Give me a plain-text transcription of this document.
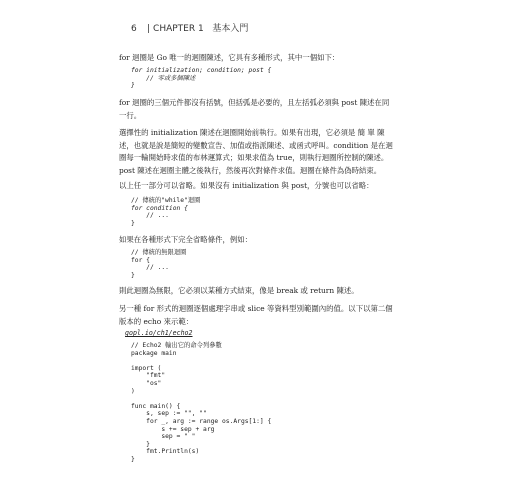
6 | CHAPTER 1 基本入門
for 迴圈是 Go 唯一的迴圈陳述，它具有多種形式，其中一個如下：
for initialization; condition; post {
// 零或多個陳述
}
for 迴圈的三個元件都沒有括號，但括弧是必要的，且左括弧必須與 post 陳述在同
一行。
選擇性的 initialization 陳述在迴圈開始前執行。如果有出現，它必須是 簡 單 陳
述，也就是說是簡短的變數宣告、加值或指派陳述、或函式呼叫。condition 是在迴
圈每一輪開始時求值的布林運算式；如果求值為 true，則執行迴圈所控制的陳述。
post 陳述在迴圈主體之後執行，然後再次對條件求值。迴圈在條件為偽時結束。
以上任一部分可以省略。如果沒有 initialization 與 post，分號也可以省略：
// 傳統的"while"迴圈
for condition {
// ...
}
如果在各種形式下完全省略條件，例如：
// 傳統的無限迴圈
for {
// ...
}
則此迴圈為無限，它必須以某種方式結束，像是 break 或 return 陳述。
另一種 for 形式的迴圈逐個處理字串或 slice 等資料型別範圍內的值。以下以第二個
版本的 echo 來示範：
gopl.io/ch1/echo2
// Echo2 輸出它的命令列參數
package main

import (
"fmt"
"os"
)

func main() {
s, sep := "", ""
for _, arg := range os.Args[1:] {
s += sep + arg
sep = " "
}
fmt.Println(s)
}
